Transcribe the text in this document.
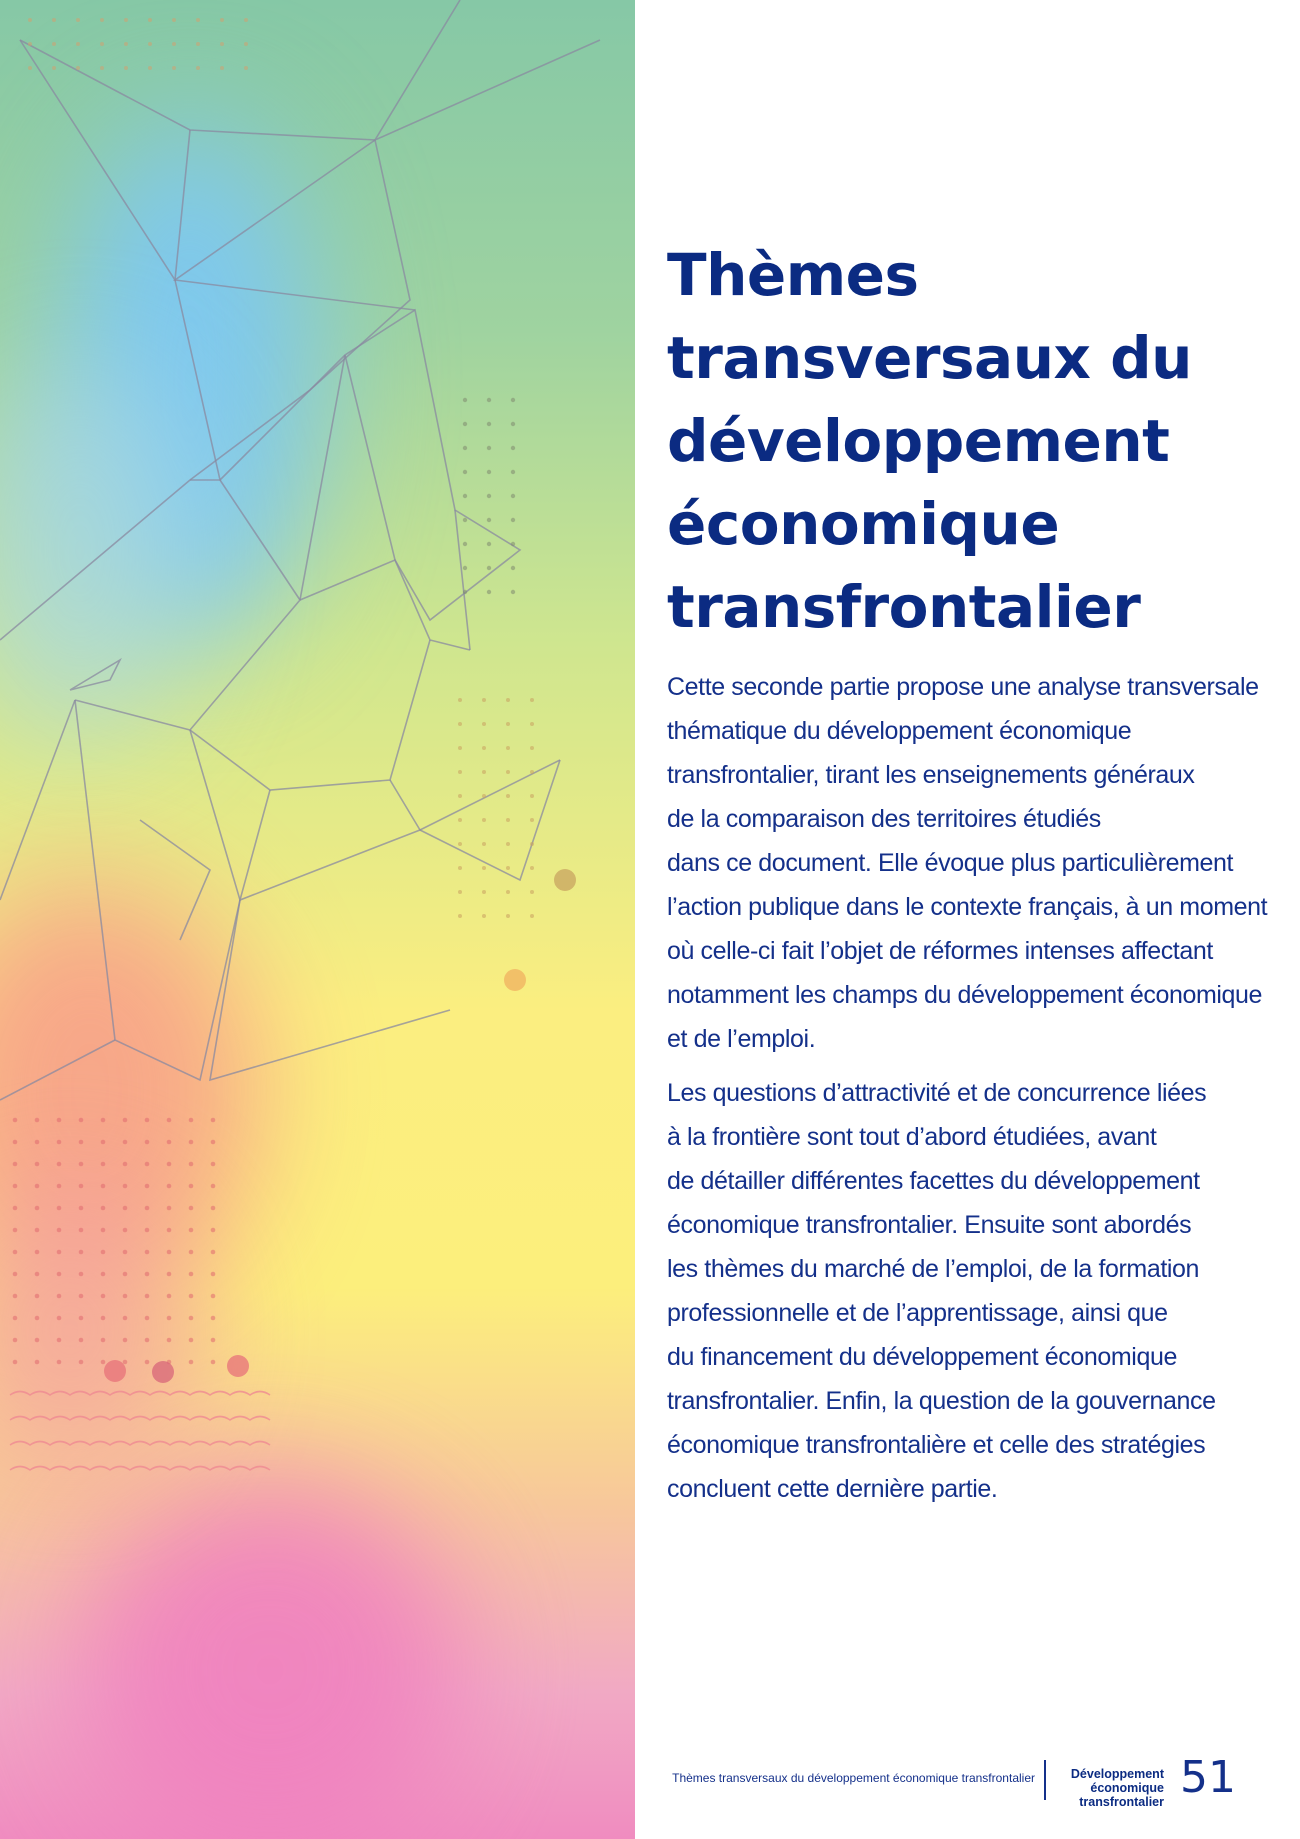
Thèmes
transversaux du
développement
économique
transfrontalier

Cette seconde partie propose une analyse transversale
thématique du développement économique
transfrontalier, tirant les enseignements généraux
de la comparaison des territoires étudiés
dans ce document. Elle évoque plus particulièrement
l’action publique dans le contexte français, à un moment
où celle-ci fait l’objet de réformes intenses affectant
notamment les champs du développement économique
et de l’emploi.

Les questions d’attractivité et de concurrence liées
à la frontière sont tout d’abord étudiées, avant
de détailler différentes facettes du développement
économique transfrontalier. Ensuite sont abordés
les thèmes du marché de l’emploi, de la formation
professionnelle et de l’apprentissage, ainsi que
du financement du développement économique
transfrontalier. Enfin, la question de la gouvernance
économique transfrontalière et celle des stratégies
concluent cette dernière partie.

Thèmes transversaux du développement économique transfrontalier	Développement
économique
transfrontalier 51
